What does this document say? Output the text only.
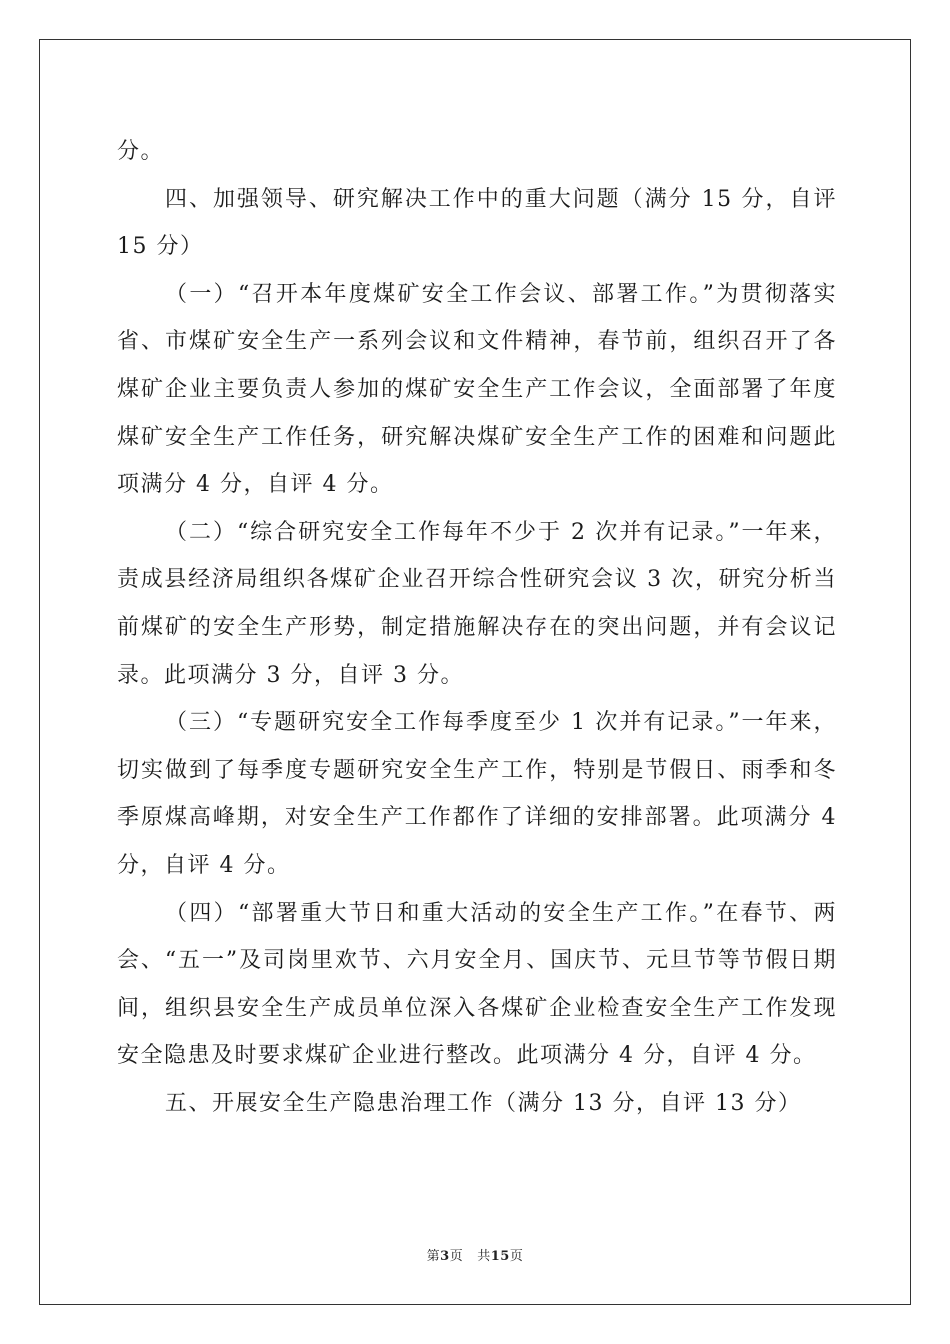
分。

四、加强领导、研究解决工作中的重大问题（满分 15 分，自评 15 分）

（一）“召开本年度煤矿安全工作会议、部署工作。”为贯彻落实省、市煤矿安全生产一系列会议和文件精神，春节前，组织召开了各煤矿企业主要负责人参加的煤矿安全生产工作会议，全面部署了年度煤矿安全生产工作任务，研究解决煤矿安全生产工作的困难和问题此项满分 4 分，自评 4 分。

（二）“综合研究安全工作每年不少于 2 次并有记录。”一年来，责成县经济局组织各煤矿企业召开综合性研究会议 3 次，研究分析当前煤矿的安全生产形势，制定措施解决存在的突出问题，并有会议记录。此项满分 3 分，自评 3 分。

（三）“专题研究安全工作每季度至少 1 次并有记录。”一年来，切实做到了每季度专题研究安全生产工作，特别是节假日、雨季和冬季原煤高峰期，对安全生产工作都作了详细的安排部署。此项满分 4 分，自评 4 分。

（四）“部署重大节日和重大活动的安全生产工作。”在春节、两会、“五一”及司岗里欢节、六月安全月、国庆节、元旦节等节假日期间，组织县安全生产成员单位深入各煤矿企业检查安全生产工作发现安全隐患及时要求煤矿企业进行整改。此项满分 4 分，自评 4 分。

五、开展安全生产隐患治理工作（满分 13 分，自评 13 分）

第3页 共15页
